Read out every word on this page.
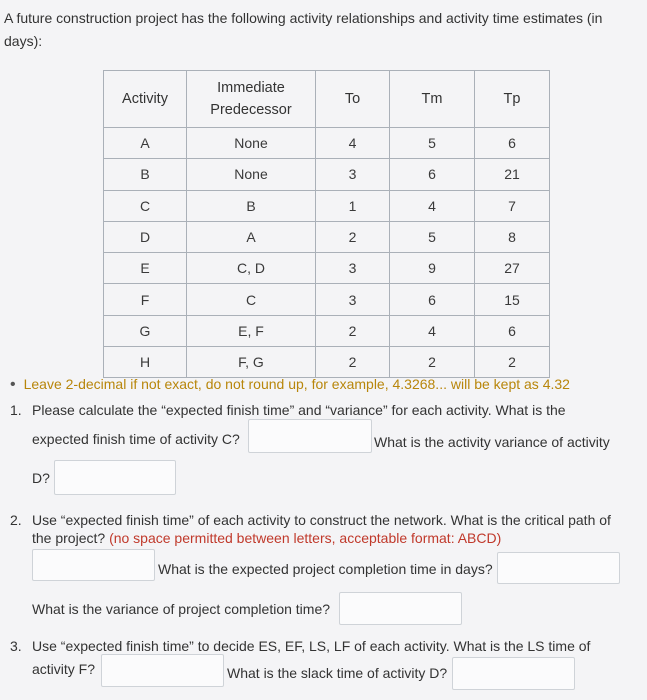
A future construction project has the following activity relationships and activity time estimates (in days):
Activity	Immediate Predecessor	To	Tm	Tp
A	None	4	5	6
B	None	3	6	21
C	B	1	4	7
D	A	2	5	8
E	C, D	3	9	27
F	C	3	6	15
G	E, F	2	4	6
H	F, G	2	2	2
• Leave 2-decimal if not exact, do not round up, for example, 4.3268... will be kept as 4.32
1. Please calculate the “expected finish time” and “variance” for each activity. What is the
expected finish time of activity C?	What is the activity variance of activity
D?
2. Use “expected finish time” of each activity to construct the network. What is the critical path of
the project? (no space permitted between letters, acceptable format: ABCD)
What is the expected project completion time in days?
What is the variance of project completion time?
3. Use “expected finish time” to decide ES, EF, LS, LF of each activity. What is the LS time of
activity F?	What is the slack time of activity D?
